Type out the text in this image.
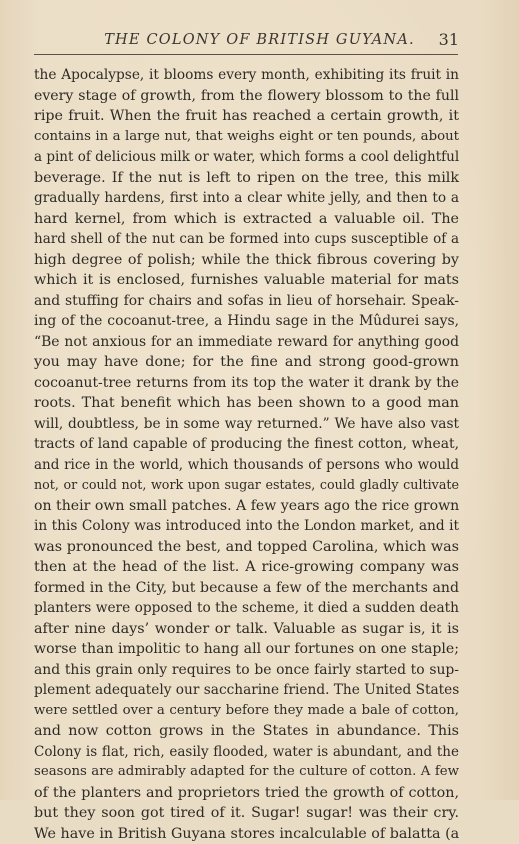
THE COLONY OF BRITISH GUYANA.	31
the Apocalypse, it blooms every month, exhibiting its fruit in
every stage of growth, from the flowery blossom to the full
ripe fruit. When the fruit has reached a certain growth, it
contains in a large nut, that weighs eight or ten pounds, about
a pint of delicious milk or water, which forms a cool delightful
beverage. If the nut is left to ripen on the tree, this milk
gradually hardens, first into a clear white jelly, and then to a
hard kernel, from which is extracted a valuable oil. The
hard shell of the nut can be formed into cups susceptible of a
high degree of polish; while the thick fibrous covering by
which it is enclosed, furnishes valuable material for mats
and stuffing for chairs and sofas in lieu of horsehair. Speak-
ing of the cocoanut-tree, a Hindu sage in the Mûdurei says,
“Be not anxious for an immediate reward for anything good
you may have done; for the fine and strong good-grown
cocoanut-tree returns from its top the water it drank by the
roots. That benefit which has been shown to a good man
will, doubtless, be in some way returned.” We have also vast
tracts of land capable of producing the finest cotton, wheat,
and rice in the world, which thousands of persons who would
not, or could not, work upon sugar estates, could gladly cultivate
on their own small patches. A few years ago the rice grown
in this Colony was introduced into the London market, and it
was pronounced the best, and topped Carolina, which was
then at the head of the list. A rice-growing company was
formed in the City, but because a few of the merchants and
planters were opposed to the scheme, it died a sudden death
after nine days’ wonder or talk. Valuable as sugar is, it is
worse than impolitic to hang all our fortunes on one staple;
and this grain only requires to be once fairly started to sup-
plement adequately our saccharine friend. The United States
were settled over a century before they made a bale of cotton,
and now cotton grows in the States in abundance. This
Colony is flat, rich, easily flooded, water is abundant, and the
seasons are admirably adapted for the culture of cotton. A few
of the planters and proprietors tried the growth of cotton,
but they soon got tired of it. Sugar! sugar! was their cry.
We have in British Guyana stores incalculable of balatta (a
